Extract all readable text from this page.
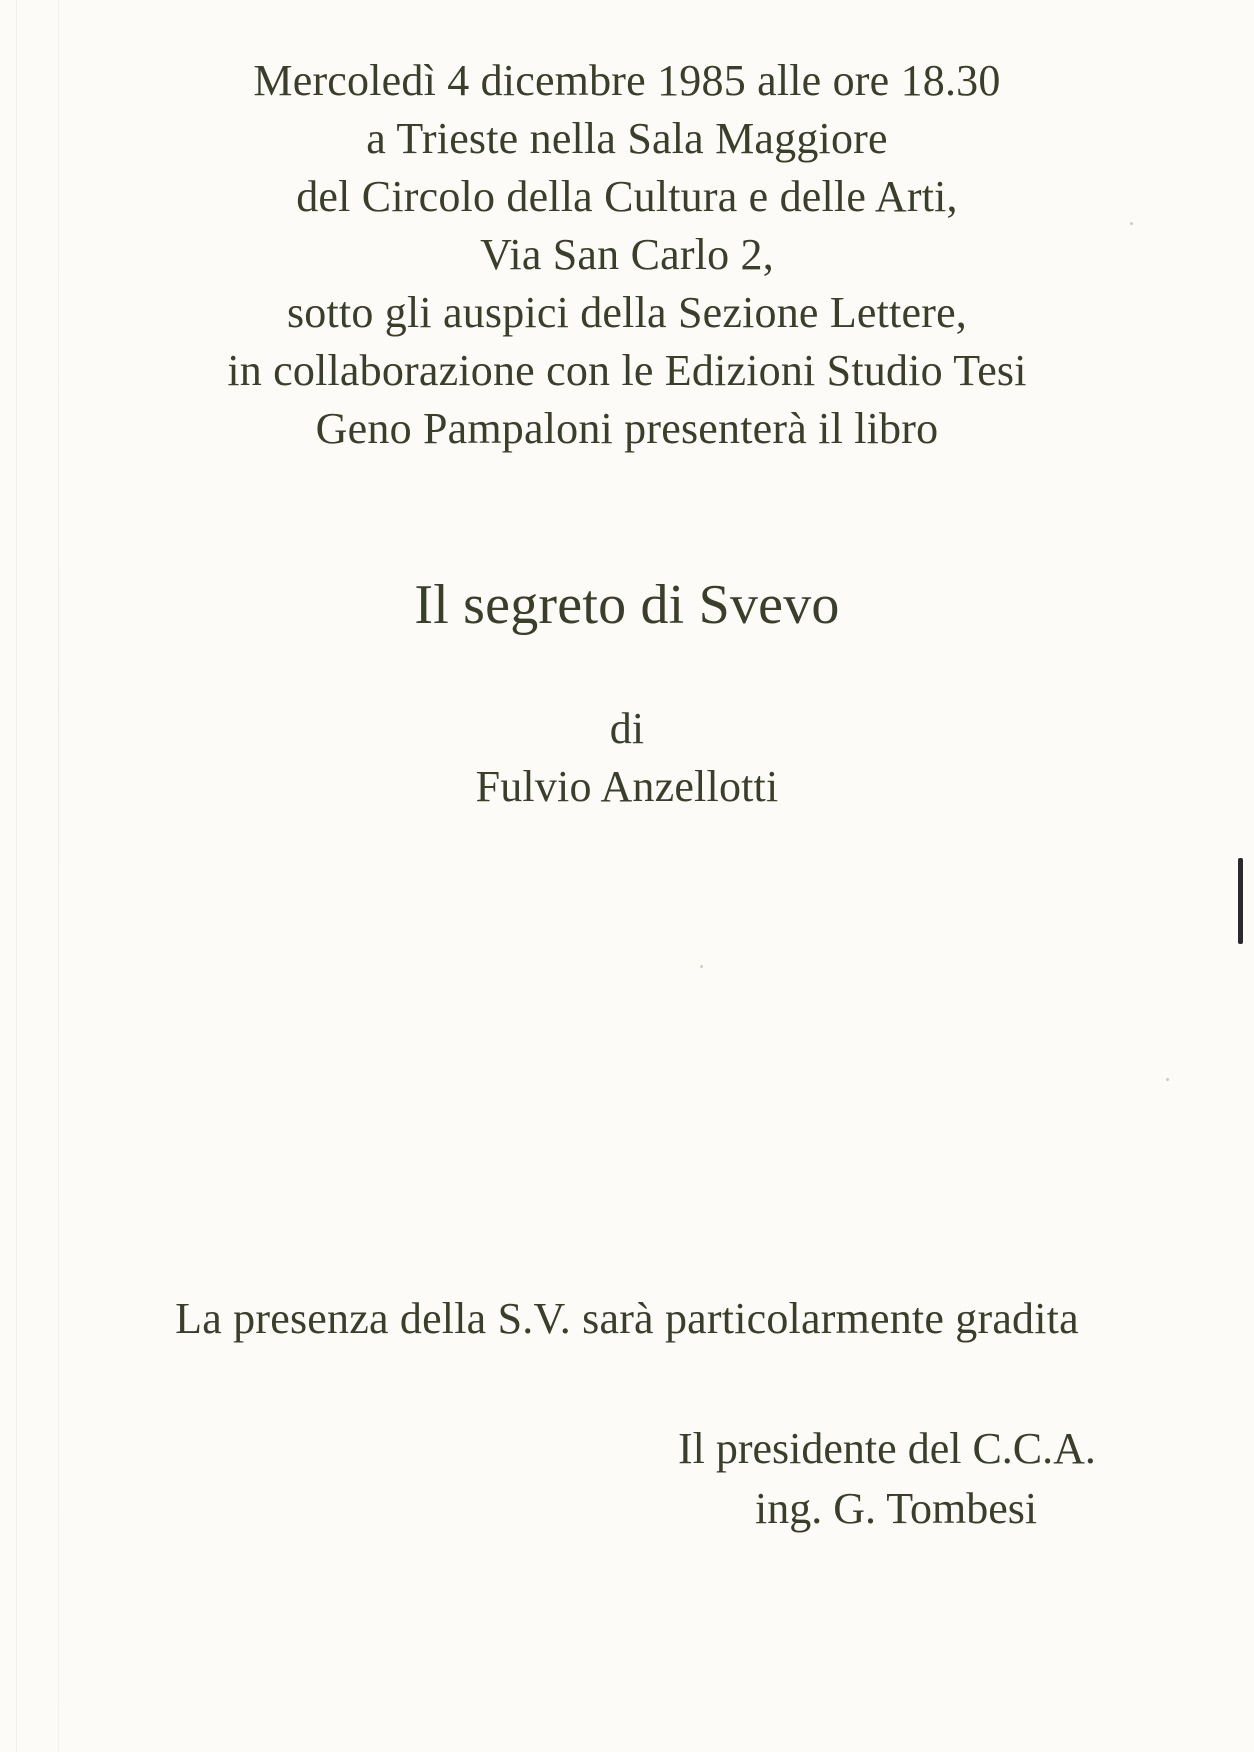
Mercoledì 4 dicembre 1985 alle ore 18.30
a Trieste nella Sala Maggiore
del Circolo della Cultura e delle Arti,
Via San Carlo 2,
sotto gli auspici della Sezione Lettere,
in collaborazione con le Edizioni Studio Tesi
Geno Pampaloni presenterà il libro
Il segreto di Svevo
di
Fulvio Anzellotti
La presenza della S.V. sarà particolarmente gradita
Il presidente del C.C.A.
ing. G. Tombesi
